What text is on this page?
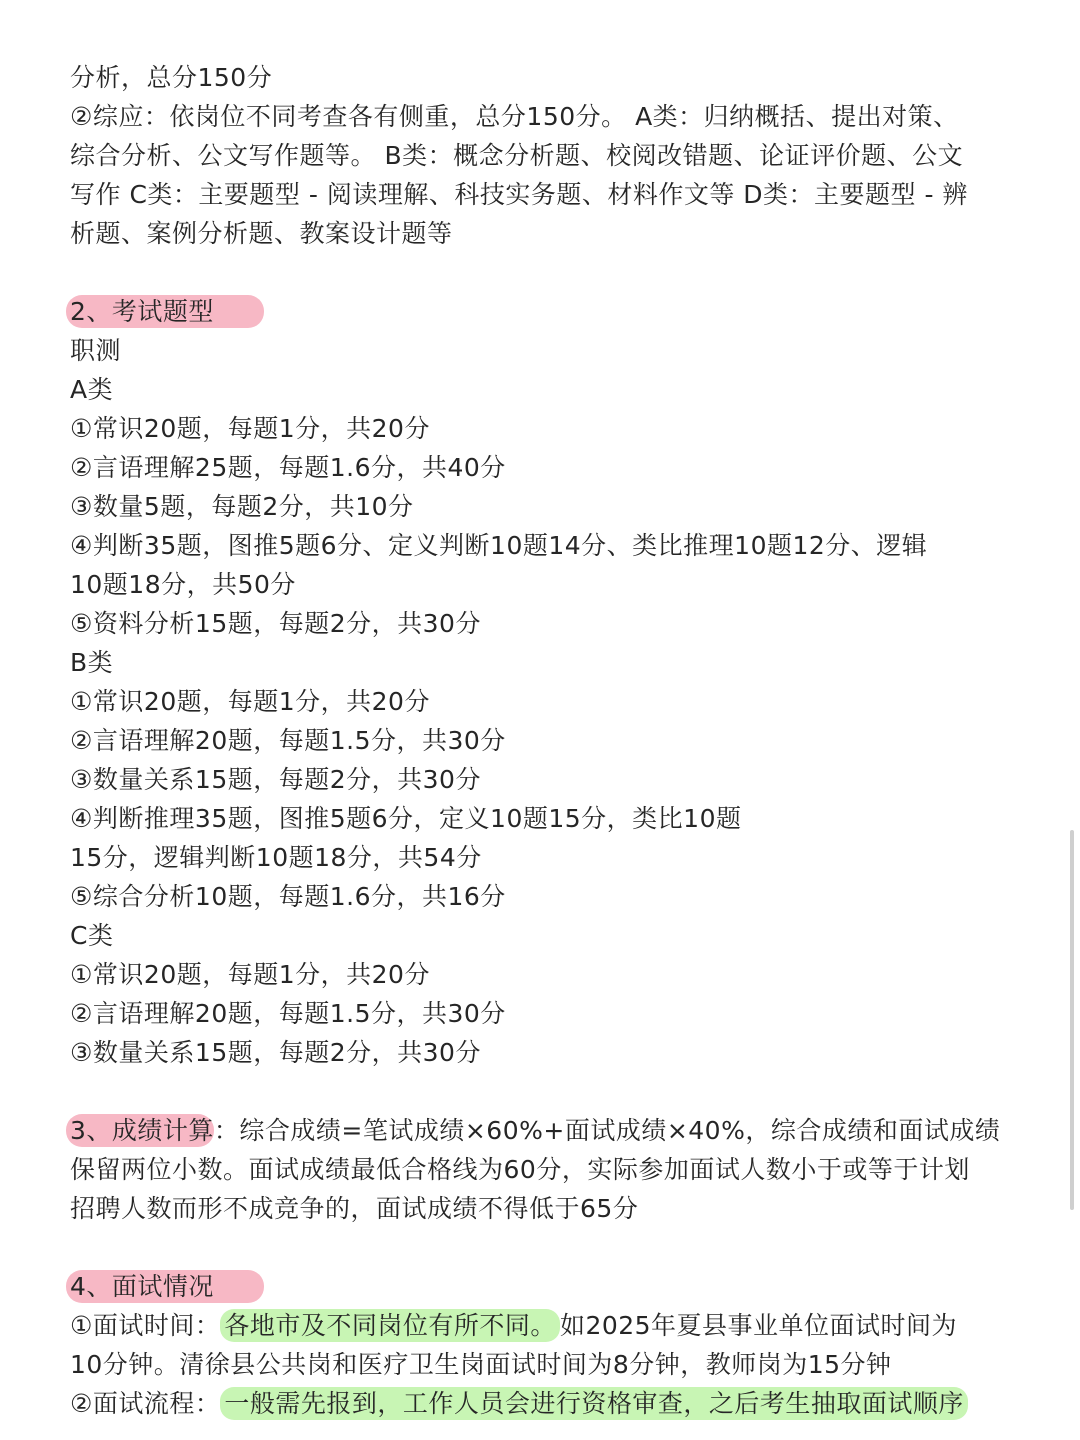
分析，总分150分
②综应：依岗位不同考查各有侧重，总分150分。 A类：归纳概括、提出对策、
综合分析、公文写作题等。 B类：概念分析题、校阅改错题、论证评价题、公文
写作 C类：主要题型 - 阅读理解、科技实务题、材料作文等 D类：主要题型 - 辨
析题、案例分析题、教案设计题等
2、考试题型
职测
A类
①常识20题，每题1分，共20分
②言语理解25题，每题1.6分，共40分
③数量5题，每题2分，共10分
④判断35题，图推5题6分、定义判断10题14分、类比推理10题12分、逻辑
10题18分，共50分
⑤资料分析15题，每题2分，共30分
B类
①常识20题，每题1分，共20分
②言语理解20题，每题1.5分，共30分
③数量关系15题，每题2分，共30分
④判断推理35题，图推5题6分，定义10题15分，类比10题
15分，逻辑判断10题18分，共54分
⑤综合分析10题，每题1.6分，共16分
C类
①常识20题，每题1分，共20分
②言语理解20题，每题1.5分，共30分
③数量关系15题，每题2分，共30分
3、成绩计算：综合成绩=笔试成绩×60%+面试成绩×40%，综合成绩和面试成绩
保留两位小数。面试成绩最低合格线为60分，实际参加面试人数小于或等于计划
招聘人数而形不成竞争的，面试成绩不得低于65分
4、面试情况
①面试时间： 各地市及不同岗位有所不同。 如2025年夏县事业单位面试时间为
10分钟。清徐县公共岗和医疗卫生岗面试时间为8分钟，教师岗为15分钟
②面试流程： 一般需先报到，工作人员会进行资格审查，之后考生抽取面试顺序
